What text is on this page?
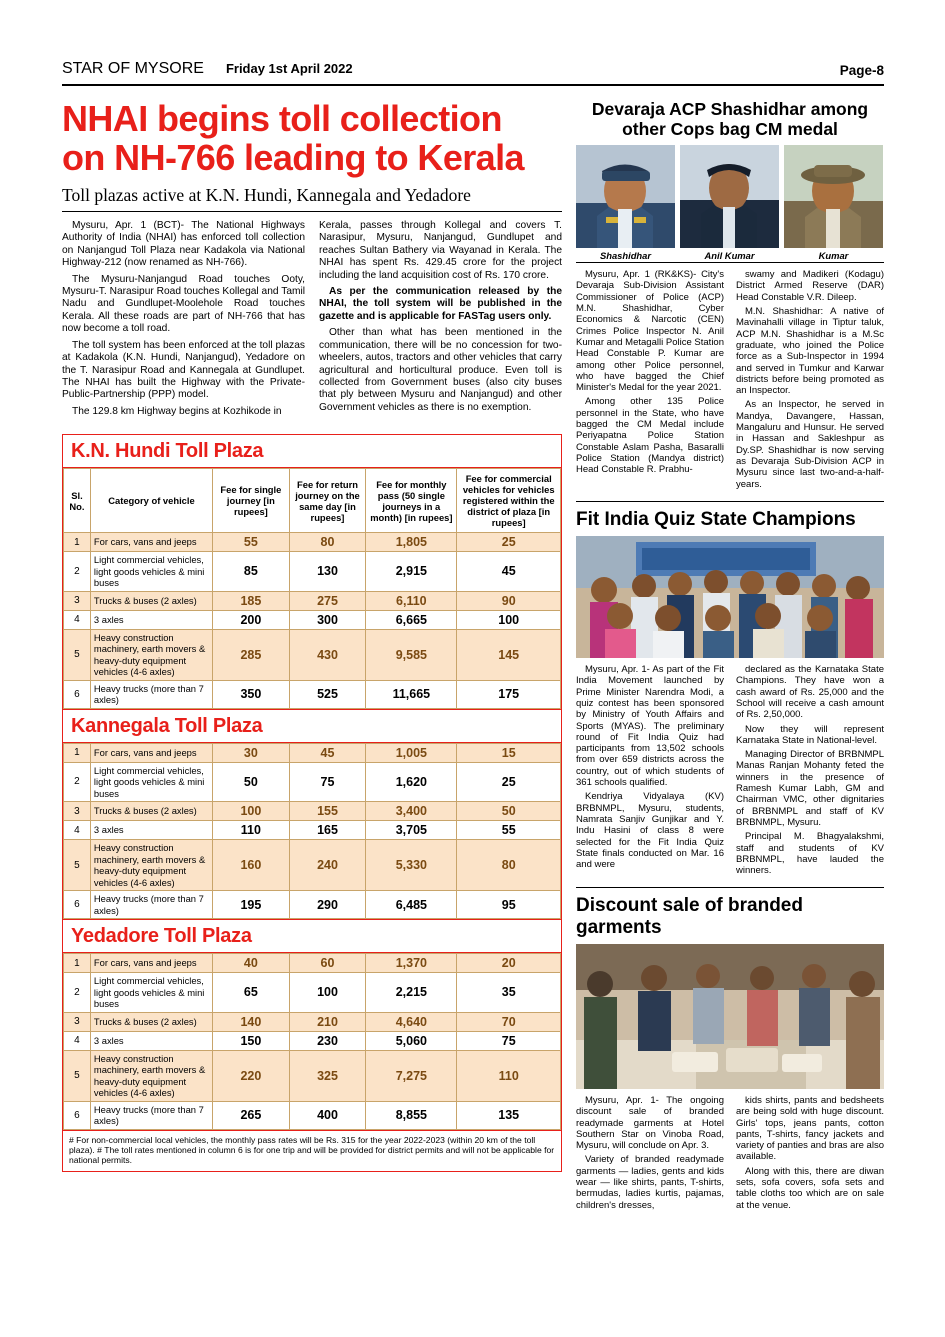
STAR OF MYSORE Friday 1st April 2022	Page-8
NHAI begins toll collection
on NH-766 leading to Kerala
Toll plazas active at K.N. Hundi, Kannegala and Yedadore

Mysuru, Apr. 1 (BCT)- The National Highways Authority of India (NHAI) has enforced toll collection on Nanjangud Toll Plaza near Kadakola via National Highway-212 (now renamed as NH-766).

The Mysuru-Nanjangud Road touches Ooty, Mysuru-T. Narasipur Road touches Kollegal and Tamil Nadu and Gundlupet-Moolehole Road touches Kerala. All these roads are part of NH-766 that has now become a toll road.

The toll system has been enforced at the toll plazas at Kadakola (K.N. Hundi, Nanjangud), Yedadore on the T. Narasipur Road and Kannegala at Gundlupet. The NHAI has built the Highway with the Private-Public-Partnership (PPP) model.

The 129.8 km Highway begins at Kozhikode in

Kerala, passes through Kollegal and covers T. Narasipur, Mysuru, Nanjangud, Gundlupet and reaches Sultan Bathery via Wayanad in Kerala. The NHAI has spent Rs. 429.45 crore for the project including the land acquisition cost of Rs. 170 crore.

As per the communication released by the NHAI, the toll system will be published in the gazette and is applicable for FASTag users only.

Other than what has been mentioned in the communication, there will be no concession for two-wheelers, autos, tractors and other vehicles that carry agricultural and horticultural produce. Even toll is collected from Government buses (also city buses that ply between Mysuru and Nanjangud) and other Government vehicles as there is no exemption.

K.N. Hundi Toll Plaza
Sl. No.	Category of vehicle	Fee for single journey [in rupees]	Fee for return journey on the same day [in rupees]	Fee for monthly pass (50 single journeys in a month) [in rupees]	Fee for commercial vehicles for vehicles registered within the district of plaza [in rupees]
1	For cars, vans and jeeps	55	80	1,805	25
2	Light commercial vehicles, light goods vehicles & mini buses	85	130	2,915	45
3	Trucks & buses (2 axles)	185	275	6,110	90
4	3 axles	200	300	6,665	100
5	Heavy construction machinery, earth movers & heavy-duty equipment vehicles (4-6 axles)	285	430	9,585	145
6	Heavy trucks (more than 7 axles)	350	525	11,665	175
Kannegala Toll Plaza
1	For cars, vans and jeeps	30	45	1,005	15
2	Light commercial vehicles, light goods vehicles & mini buses	50	75	1,620	25
3	Trucks & buses (2 axles)	100	155	3,400	50
4	3 axles	110	165	3,705	55
5	Heavy construction machinery, earth movers & heavy-duty equipment vehicles (4-6 axles)	160	240	5,330	80
6	Heavy trucks (more than 7 axles)	195	290	6,485	95
Yedadore Toll Plaza
1	For cars, vans and jeeps	40	60	1,370	20
2	Light commercial vehicles, light goods vehicles & mini buses	65	100	2,215	35
3	Trucks & buses (2 axles)	140	210	4,640	70
4	3 axles	150	230	5,060	75
5	Heavy construction machinery, earth movers & heavy-duty equipment vehicles (4-6 axles)	220	325	7,275	110
6	Heavy trucks (more than 7 axles)	265	400	8,855	135
# For non-commercial local vehicles, the monthly pass rates will be Rs. 315 for the year 2022-2023 (within 20 km of the toll plaza). # The toll rates mentioned in column 6 is for one trip and will be provided for district permits and will not be applicable for national permits.
Devaraja ACP Shashidhar among other Cops bag CM medal
Shashidhar	Anil Kumar	Kumar

Mysuru, Apr. 1 (RK&KS)- City's Devaraja Sub-Division Assistant Commissioner of Police (ACP) M.N. Shashidhar, Cyber Economics & Narcotic (CEN) Crimes Police Inspector N. Anil Kumar and Metagalli Police Station Head Constable P. Kumar are among other Police personnel, who have bagged the Chief Minister's Medal for the year 2021.

Among other 135 Police personnel in the State, who have bagged the CM Medal include Periyapatna Police Station Constable Aslam Pasha, Basaralli Police Station (Mandya district) Head Constable R. Prabhu-

swamy and Madikeri (Kodagu) District Armed Reserve (DAR) Head Constable V.R. Dileep.

M.N. Shashidhar: A native of Mavinahalli village in Tiptur taluk, ACP M.N. Shashidhar is a M.Sc graduate, who joined the Police force as a Sub-Inspector in 1994 and served in Tumkur and Karwar districts before being promoted as an Inspector.

As an Inspector, he served in Mandya, Davangere, Hassan, Mangaluru and Hunsur. He served in Hassan and Sakleshpur as Dy.SP. Shashidhar is now serving as Devaraja Sub-Division ACP in Mysuru since last two-and-a-half-years.

Fit India Quiz State Champions

Mysuru, Apr. 1- As part of the Fit India Movement launched by Prime Minister Narendra Modi, a quiz contest has been sponsored by Ministry of Youth Affairs and Sports (MYAS). The preliminary round of Fit India Quiz had participants from 13,502 schools from over 659 districts across the country, out of which students of 361 schools qualified.

Kendriya Vidyalaya (KV) BRBNMPL, Mysuru, students, Namrata Sanjiv Gunjikar and Y. Indu Hasini of class 8 were selected for the Fit India Quiz State finals conducted on Mar. 16 and were

declared as the Karnataka State Champions. They have won a cash award of Rs. 25,000 and the School will receive a cash amount of Rs. 2,50,000.

Now they will represent Karnataka State in National-level.

Managing Director of BRBNMPL Manas Ranjan Mohanty feted the winners in the presence of Ramesh Kumar Labh, GM and Chairman VMC, other dignitaries of BRBNMPL and staff of KV BRBNMPL, Mysuru.

Principal M. Bhagyalakshmi, staff and students of KV BRBNMPL, have lauded the winners.

Discount sale of branded garments

Mysuru, Apr. 1- The ongoing discount sale of branded readymade garments at Hotel Southern Star on Vinoba Road, Mysuru, will conclude on Apr. 3.

Variety of branded readymade garments — ladies, gents and kids wear — like shirts, pants, T-shirts, bermudas, ladies kurtis, pajamas, children's dresses,

kids shirts, pants and bedsheets are being sold with huge discount. Girls' tops, jeans pants, cotton pants, T-shirts, fancy jackets and variety of panties and bras are also available.

Along with this, there are diwan sets, sofa covers, sofa sets and table cloths too which are on sale at the venue.
